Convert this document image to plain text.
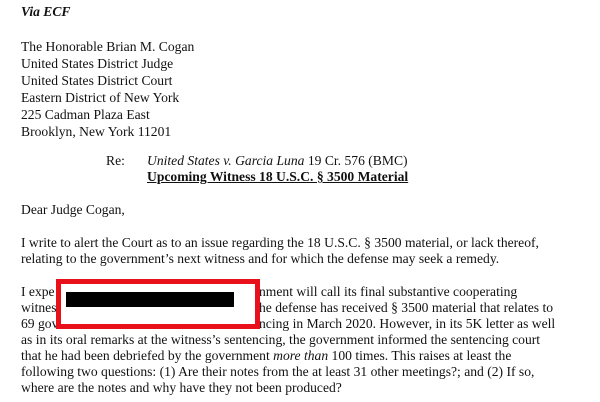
Via ECF

The Honorable Brian M. Cogan

United States District Judge

United States District Court

Eastern District of New York

225 Cadman Plaza East

Brooklyn, New York 11201

Re: United States v. Garcia Luna 19 Cr. 576 (BMC)

Upcoming Witness 18 U.S.C. § 3500 Material

Dear Judge Cogan,

I write to alert the Court as to an issue regarding the 18 U.S.C. § 3500 material, or lack thereof,

relating to the government’s next witness and for which the defense may seek a remedy.

I expe	nment will call its final substantive cooperating

witnes	he defense has received § 3500 material that relates to

69 gov	ncing in March 2020. However, in its 5K letter as well

as in its oral remarks at the witness’s sentencing, the government informed the sentencing court

that he had been debriefed by the government more than 100 times. This raises at least the

following two questions: (1) Are their notes from the at least 31 other meetings?; and (2) If so,

where are the notes and why have they not been produced?
